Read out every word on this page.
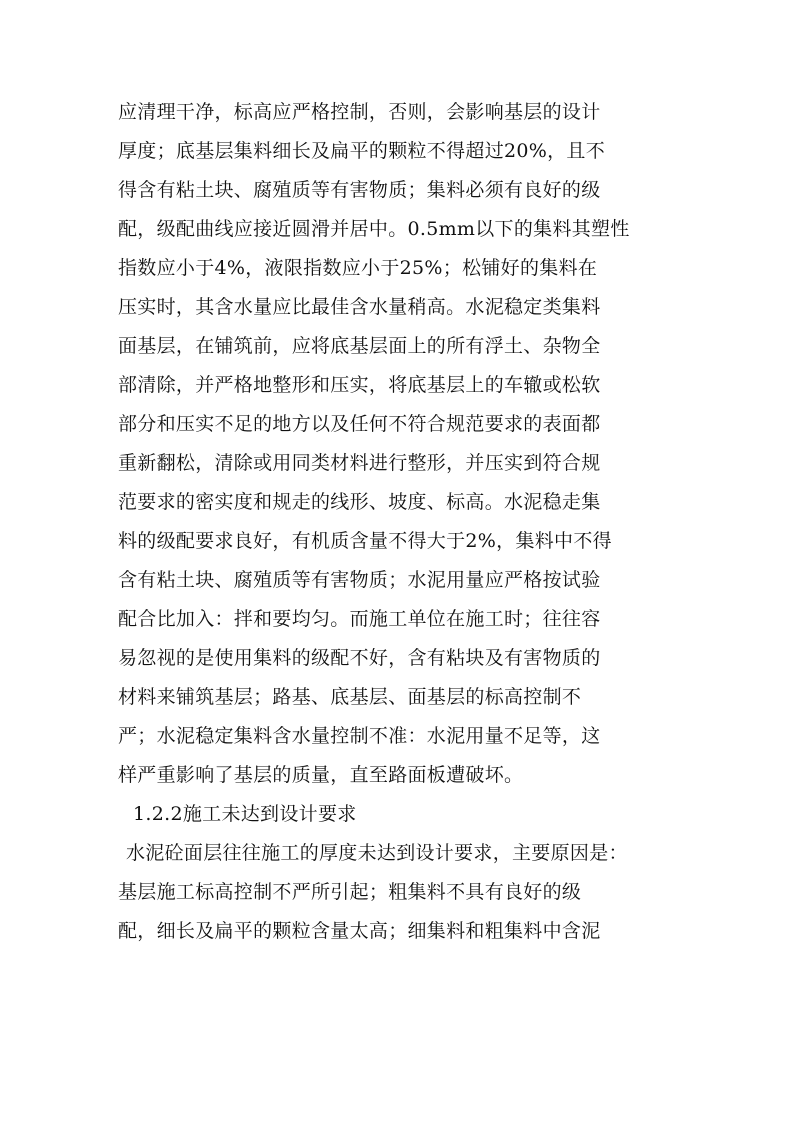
应清理干净，标高应严格控制，否则，会影响基层的设计
厚度；底基层集料细长及扁平的颗粒不得超过20%，且不
得含有粘土块、腐殖质等有害物质；集料必须有良好的级
配，级配曲线应接近圆滑并居中。0.5mm以下的集料其塑性
指数应小于4%，液限指数应小于25%；松铺好的集料在
压实时，其含水量应比最佳含水量稍高。水泥稳定类集料
面基层，在铺筑前，应将底基层面上的所有浮土、杂物全
部清除，并严格地整形和压实，将底基层上的车辙或松软
部分和压实不足的地方以及任何不符合规范要求的表面都
重新翻松，清除或用同类材料进行整形，并压实到符合规
范要求的密实度和规走的线形、坡度、标高。水泥稳走集
料的级配要求良好，有机质含量不得大于2%，集料中不得
含有粘土块、腐殖质等有害物质；水泥用量应严格按试验
配合比加入：拌和要均匀。而施工单位在施工时；往往容
易忽视的是使用集料的级配不好，含有粘块及有害物质的
材料来铺筑基层；路基、底基层、面基层的标高控制不
严；水泥稳定集料含水量控制不准：水泥用量不足等，这
样严重影响了基层的质量，直至路面板遭破坏。
1.2.2施工未达到设计要求
水泥砼面层往往施工的厚度未达到设计要求，主要原因是：
基层施工标高控制不严所引起；粗集料不具有良好的级
配，细长及扁平的颗粒含量太高；细集料和粗集料中含泥
